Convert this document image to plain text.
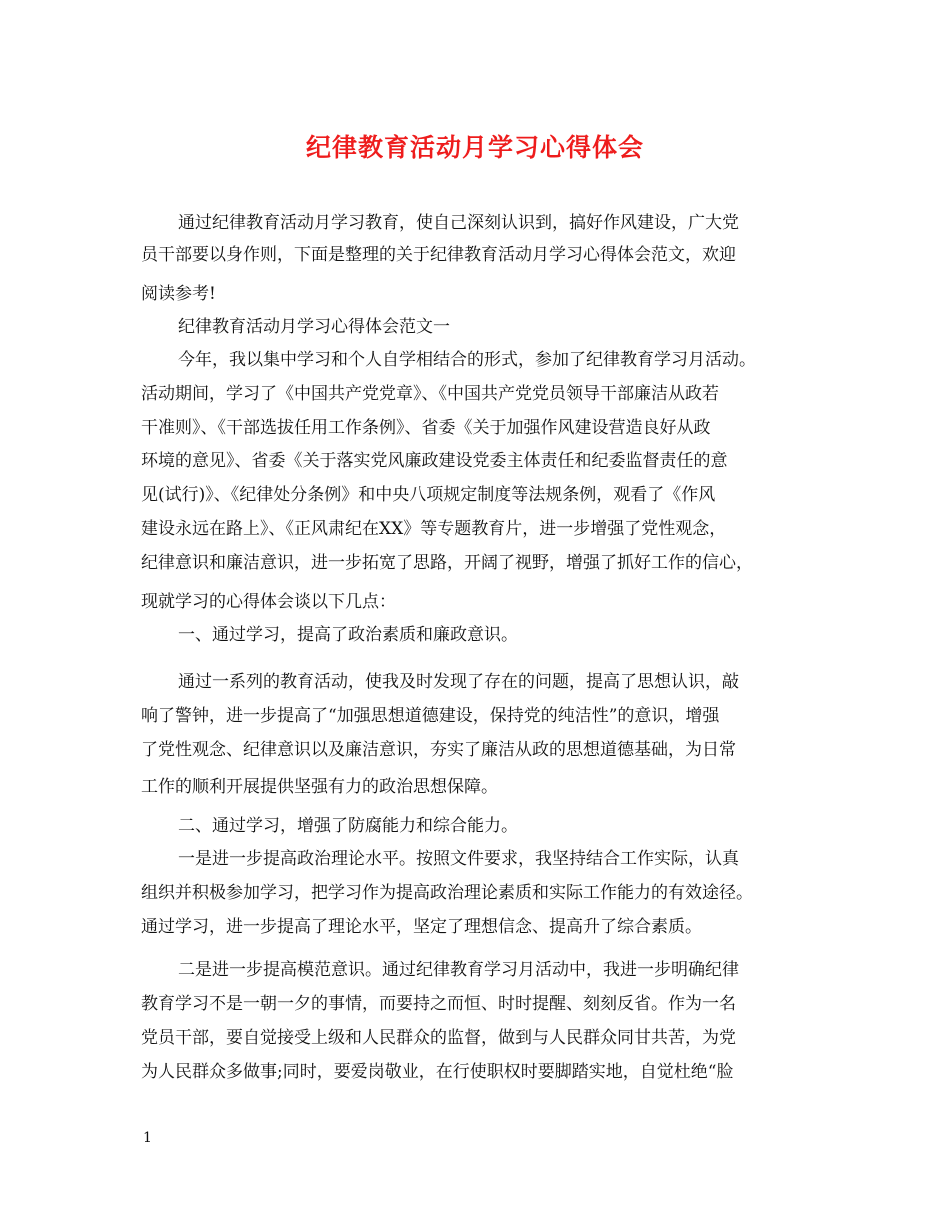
纪律教育活动月学习心得体会
通过纪律教育活动月学习教育，使自己深刻认识到，搞好作风建设，广大党
员干部要以身作则，下面是整理的关于纪律教育活动月学习心得体会范文，欢迎
阅读参考!
纪律教育活动月学习心得体会范文一
今年，我以集中学习和个人自学相结合的形式，参加了纪律教育学习月活动。
活动期间，学习了《中国共产党党章》、《中国共产党党员领导干部廉洁从政若
干准则》、《干部选拔任用工作条例》、省委《关于加强作风建设营造良好从政
环境的意见》、省委《关于落实党风廉政建设党委主体责任和纪委监督责任的意
见(试行)》、《纪律处分条例》和中央八项规定制度等法规条例，观看了《作风
建设永远在路上》、《正风肃纪在XX》等专题教育片，进一步增强了党性观念，
纪律意识和廉洁意识，进一步拓宽了思路，开阔了视野，增强了抓好工作的信心，
现就学习的心得体会谈以下几点：
一、通过学习，提高了政治素质和廉政意识。
通过一系列的教育活动，使我及时发现了存在的问题，提高了思想认识，敲
响了警钟，进一步提高了“加强思想道德建设，保持党的纯洁性”的意识，增强
了党性观念、纪律意识以及廉洁意识，夯实了廉洁从政的思想道德基础，为日常
工作的顺利开展提供坚强有力的政治思想保障。
二、通过学习，增强了防腐能力和综合能力。
一是进一步提高政治理论水平。按照文件要求，我坚持结合工作实际，认真
组织并积极参加学习，把学习作为提高政治理论素质和实际工作能力的有效途径。
通过学习，进一步提高了理论水平，坚定了理想信念、提高升了综合素质。
二是进一步提高模范意识。通过纪律教育学习月活动中，我进一步明确纪律
教育学习不是一朝一夕的事情，而要持之而恒、时时提醒、刻刻反省。作为一名
党员干部，要自觉接受上级和人民群众的监督，做到与人民群众同甘共苦，为党
为人民群众多做事;同时，要爱岗敬业，在行使职权时要脚踏实地，自觉杜绝“脸
1
